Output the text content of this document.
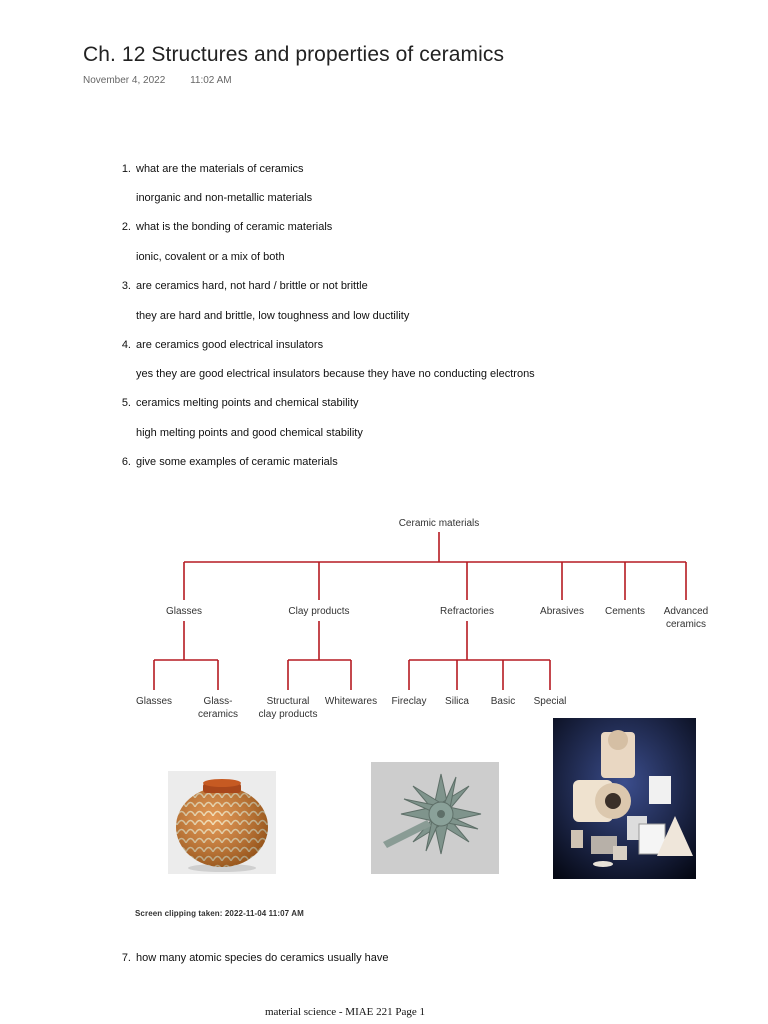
Ch. 12 Structures and properties of ceramics
November 4, 2022 11:02 AM
1. what are the materials of ceramics
inorganic and non-metallic materials
2. what is the bonding of ceramic materials
ionic, covalent or a mix of both
3. are ceramics hard, not hard / brittle or not brittle
they are hard and brittle, low toughness and low ductility
4. are ceramics good electrical insulators
yes they are good electrical insulators because they have no conducting electrons
5. ceramics melting points and chemical stability
high melting points and good chemical stability
6. give some examples of ceramic materials
7. how many atomic species do ceramics usually have
Ceramic materials
Glasses	Clay products	Refractories	Abrasives Cements Advanced
ceramics
Glasses	Glass-
ceramics
Structural
clay products
Whitewares Fireclay Silica Basic Special
Screen clipping taken: 2022-11-04 11:07 AM
material science - MIAE 221 Page 1
